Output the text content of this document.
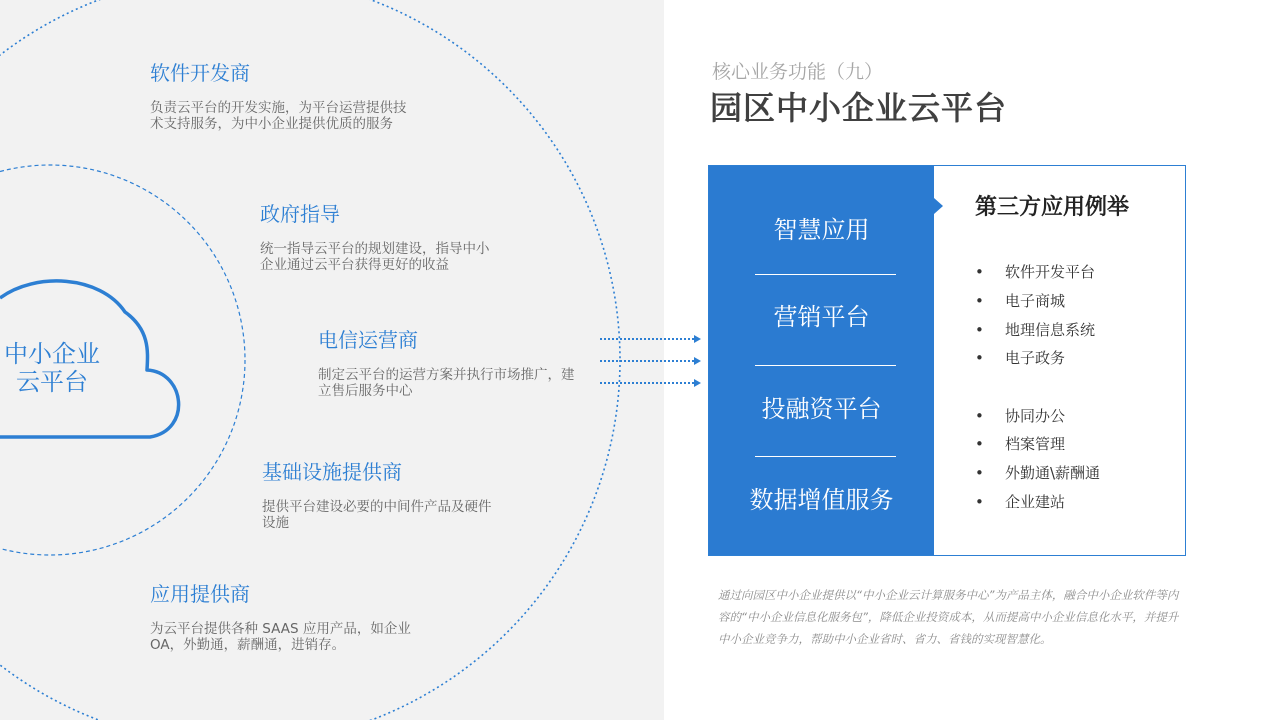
中小企业
云平台
软件开发商
负责云平台的开发实施，为平台运营提供技术支持服务，为中小企业提供优质的服务
政府指导
统一指导云平台的规划建设，指导中小企业通过云平台获得更好的收益
电信运营商
制定云平台的运营方案并执行市场推广，建立售后服务中心
基础设施提供商
提供平台建设必要的中间件产品及硬件设施
应用提供商
为云平台提供各种 SAAS 应用产品，如企业 OA，外勤通，薪酬通，进销存。
核心业务功能（九）
园区中小企业云平台
智慧应用
营销平台
投融资平台
数据增值服务
第三方应用例举
• 软件开发平台
• 电子商城
• 地理信息系统
• 电子政务
• 协同办公
• 档案管理
• 外勤通\薪酬通
• 企业建站
通过向园区中小企业提供以“中小企业云计算服务中心”为产品主体，融合中小企业软件等内容的“中小企业信息化服务包”，降低企业投资成本，从而提高中小企业信息化水平，并提升中小企业竞争力，帮助中小企业省时、省力、省钱的实现智慧化。
